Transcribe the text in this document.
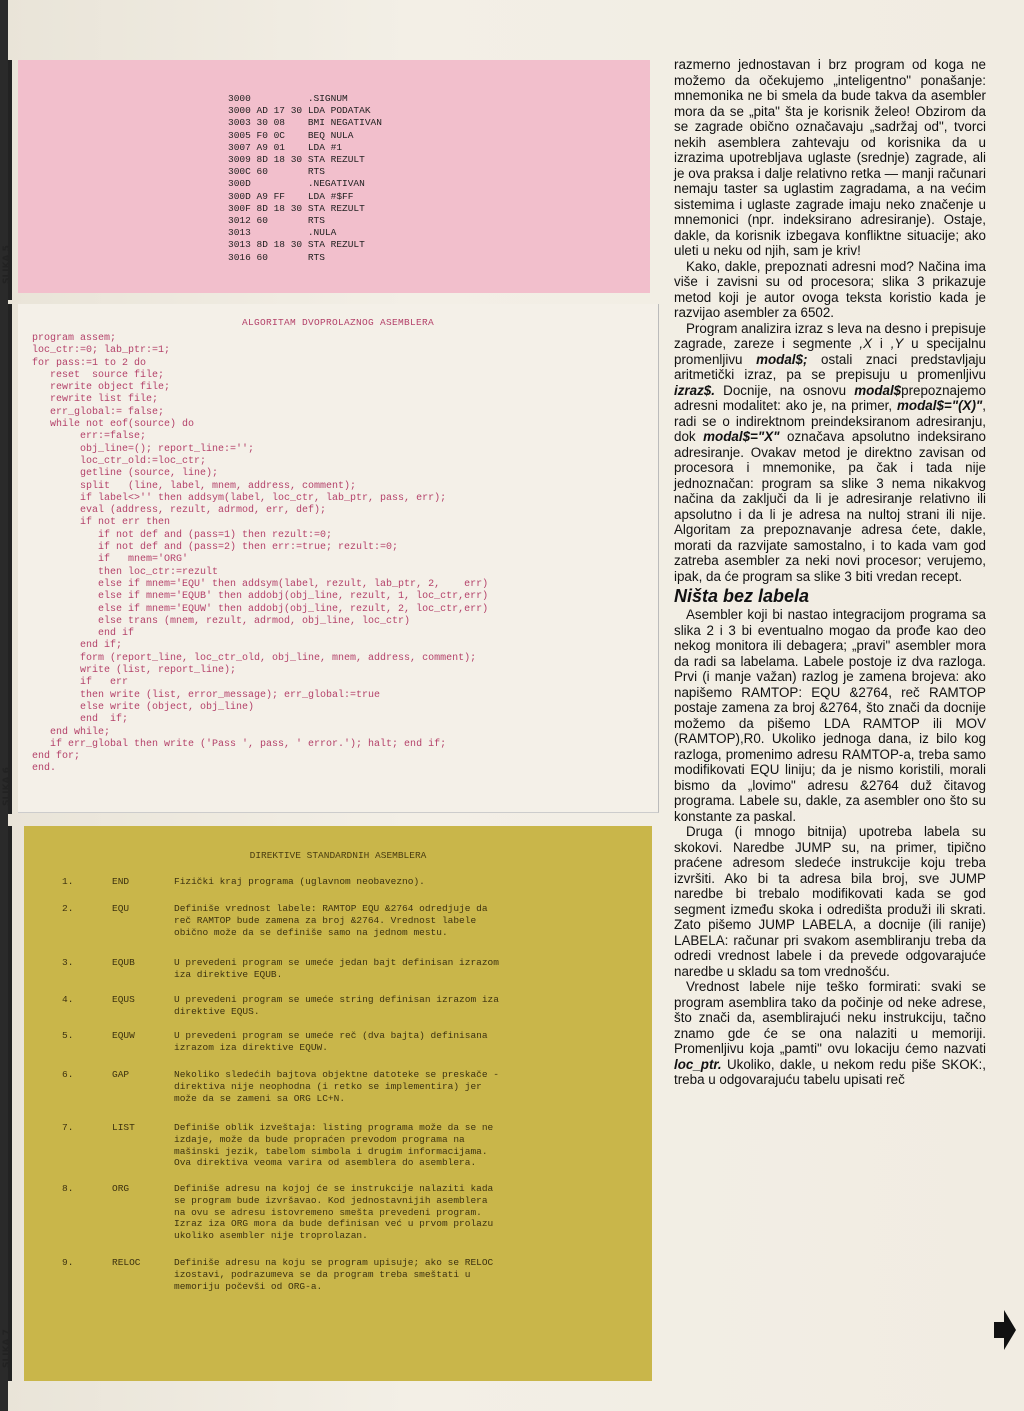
SLIKA 5
SLIKA 6
SLIKA 7
3000          .SIGNUM
3000 AD 17 30 LDA PODATAK
3003 30 08    BMI NEGATIVAN
3005 F0 0C    BEQ NULA
3007 A9 01    LDA #1
3009 8D 18 30 STA REZULT
300C 60       RTS
300D          .NEGATIVAN
300D A9 FF    LDA #$FF
300F 8D 18 30 STA REZULT
3012 60       RTS
3013          .NULA
3013 8D 18 30 STA REZULT
3016 60       RTS
ALGORITAM DVOPROLAZNOG ASEMBLERA
program assem;
loc_ctr:=0; lab_ptr:=1;
for pass:=1 to 2 do
reset  source file;
rewrite object file;
rewrite list file;
err_global:= false;
while not eof(source) do
err:=false;
obj_line=(); report_line:='';
loc_ctr_old:=loc_ctr;
getline (source, line);
split   (line, label, mnem, address, comment);
if label<>'' then addsym(label, loc_ctr, lab_ptr, pass, err);
eval (address, rezult, adrmod, err, def);
if not err then
if not def and (pass=1) then rezult:=0;
if not def and (pass=2) then err:=true; rezult:=0;
if   mnem='ORG'
then loc_ctr:=rezult
else if mnem='EQU' then addsym(label, rezult, lab_ptr, 2,    err)
else if mnem='EQUB' then addobj(obj_line, rezult, 1, loc_ctr,err)
else if mnem='EQUW' then addobj(obj_line, rezult, 2, loc_ctr,err)
else trans (mnem, rezult, adrmod, obj_line, loc_ctr)
end if
end if;
form (report_line, loc_ctr_old, obj_line, mnem, address, comment);
write (list, report_line);
if   err
then write (list, error_message); err_global:=true
else write (object, obj_line)
end  if;
end while;
if err_global then write ('Pass ', pass, ' error.'); halt; end if;
end for;
end.
DIREKTIVE STANDARDNIH ASEMBLERA
1.	END	Fizički kraj programa (uglavnom neobavezno).
2.	EQU	Definiše vrednost labele: RAMTOP EQU &2764 odredjuje da
reč RAMTOP bude zamena za broj &2764. Vrednost labele
obično može da se definiše samo na jednom mestu.
3.	EQUB	U prevedeni program se umeće jedan bajt definisan izrazom
iza direktive EQUB.
4.	EQUS	U prevedeni program se umeće string definisan izrazom iza
direktive EQUS.
5.	EQUW	U prevedeni program se umeće reč (dva bajta) definisana
izrazom iza direktive EQUW.
6.	GAP	Nekoliko sledećih bajtova objektne datoteke se preskače -
direktiva nije neophodna (i retko se implementira) jer
može da se zameni sa ORG LC+N.
7.	LIST	Definiše oblik izveštaja: listing programa može da se ne
izdaje, može da bude propraćen prevodom programa na
mašinski jezik, tabelom simbola i drugim informacijama.
Ova direktiva veoma varira od asemblera do asemblera.
8.	ORG	Definiše adresu na kojoj će se instrukcije nalaziti kada
se program bude izvršavao. Kod jednostavnijih asemblera
na ovu se adresu istovremeno smešta prevedeni program.
Izraz iza ORG mora da bude definisan već u prvom prolazu
ukoliko asembler nije troprolazan.
9.	RELOC	Definiše adresu na koju se program upisuje; ako se RELOC
izostavi, podrazumeva se da program treba smeštati u
memoriju počevši od ORG-a.

razmerno jednostavan i brz program od koga ne možemo da očekujemo „inteligentno" ponašanje: mnemonika ne bi smela da bude takva da asembler mora da se „pita" šta je korisnik želeo! Obzirom da se zagrade obično označavaju „sadržaj od", tvorci nekih asemblera zahtevaju od korisnika da u izrazima upotrebljava uglaste (srednje) zagrade, ali je ova praksa i dalje relativno retka — manji računari nemaju taster sa uglastim zagradama, a na većim sistemima i uglaste zagrade imaju neko značenje u mnemonici (npr. indeksirano adresiranje). Ostaje, dakle, da korisnik izbegava konfliktne situacije; ako uleti u neku od njih, sam je kriv!

Kako, dakle, prepoznati adresni mod? Načina ima više i zavisni su od procesora; slika 3 prikazuje metod koji je autor ovoga teksta koristio kada je razvijao asembler za 6502.

Program analizira izraz s leva na desno i prepisuje zagrade, zareze i segmente ,X i ,Y u specijalnu promenljivu modal$; ostali znaci predstavljaju aritmetički izraz, pa se prepisuju u promenljivu izraz$. Docnije, na osnovu modal$prepoznajemo adresni modalitet: ako je, na primer, modal$="(X)", radi se o indirektnom preindeksiranom adresiranju, dok modal$="X" označava apsolutno indeksirano adresiranje. Ovakav metod je direktno zavisan od procesora i mnemonike, pa čak i tada nije jednoznačan: program sa slike 3 nema nikakvog načina da zaključi da li je adresiranje relativno ili apsolutno i da li je adresa na nultoj strani ili nije. Algoritam za prepoznavanje adresa ćete, dakle, morati da razvijate samostalno, i to kada vam god zatreba asembler za neki novi procesor; verujemo, ipak, da će program sa slike 3 biti vredan recept.

Ništa bez labela

Asembler koji bi nastao integracijom programa sa slika 2 i 3 bi eventualno mogao da prođe kao deo nekog monitora ili debagera; „pravi" asembler mora da radi sa labelama. Labele postoje iz dva razloga. Prvi (i manje važan) razlog je zamena brojeva: ako napišemo RAMTOP: EQU &2764, reč RAMTOP postaje zamena za broj &2764, što znači da docnije možemo da pišemo LDA RAMTOP ili MOV (RAMTOP),R0. Ukoliko jednoga dana, iz bilo kog razloga, promenimo adresu RAMTOP-a, treba samo modifikovati EQU liniju; da je nismo koristili, morali bismo da „lovimo" adresu &2764 duž čitavog programa. Labele su, dakle, za asembler ono što su konstante za paskal.

Druga (i mnogo bitnija) upotreba labela su skokovi. Naredbe JUMP su, na primer, tipično praćene adresom sledeće instrukcije koju treba izvršiti. Ako bi ta adresa bila broj, sve JUMP naredbe bi trebalo modifikovati kada se god segment između skoka i odredišta produži ili skrati. Zato pišemo JUMP LABELA, a docnije (ili ranije) LABELA: računar pri svakom asembliranju treba da odredi vrednost labele i da prevede odgovarajuće naredbe u skladu sa tom vrednošću.

Vrednost labele nije teško formirati: svaki se program asemblira tako da počinje od neke adrese, što znači da, asemblirajući neku instrukciju, tačno znamo gde će se ona nalaziti u memoriji. Promenljivu koja „pamti" ovu lokaciju ćemo nazvati loc_ptr. Ukoliko, dakle, u nekom redu piše SKOK:, treba u odgovarajuću tabelu upisati reč
